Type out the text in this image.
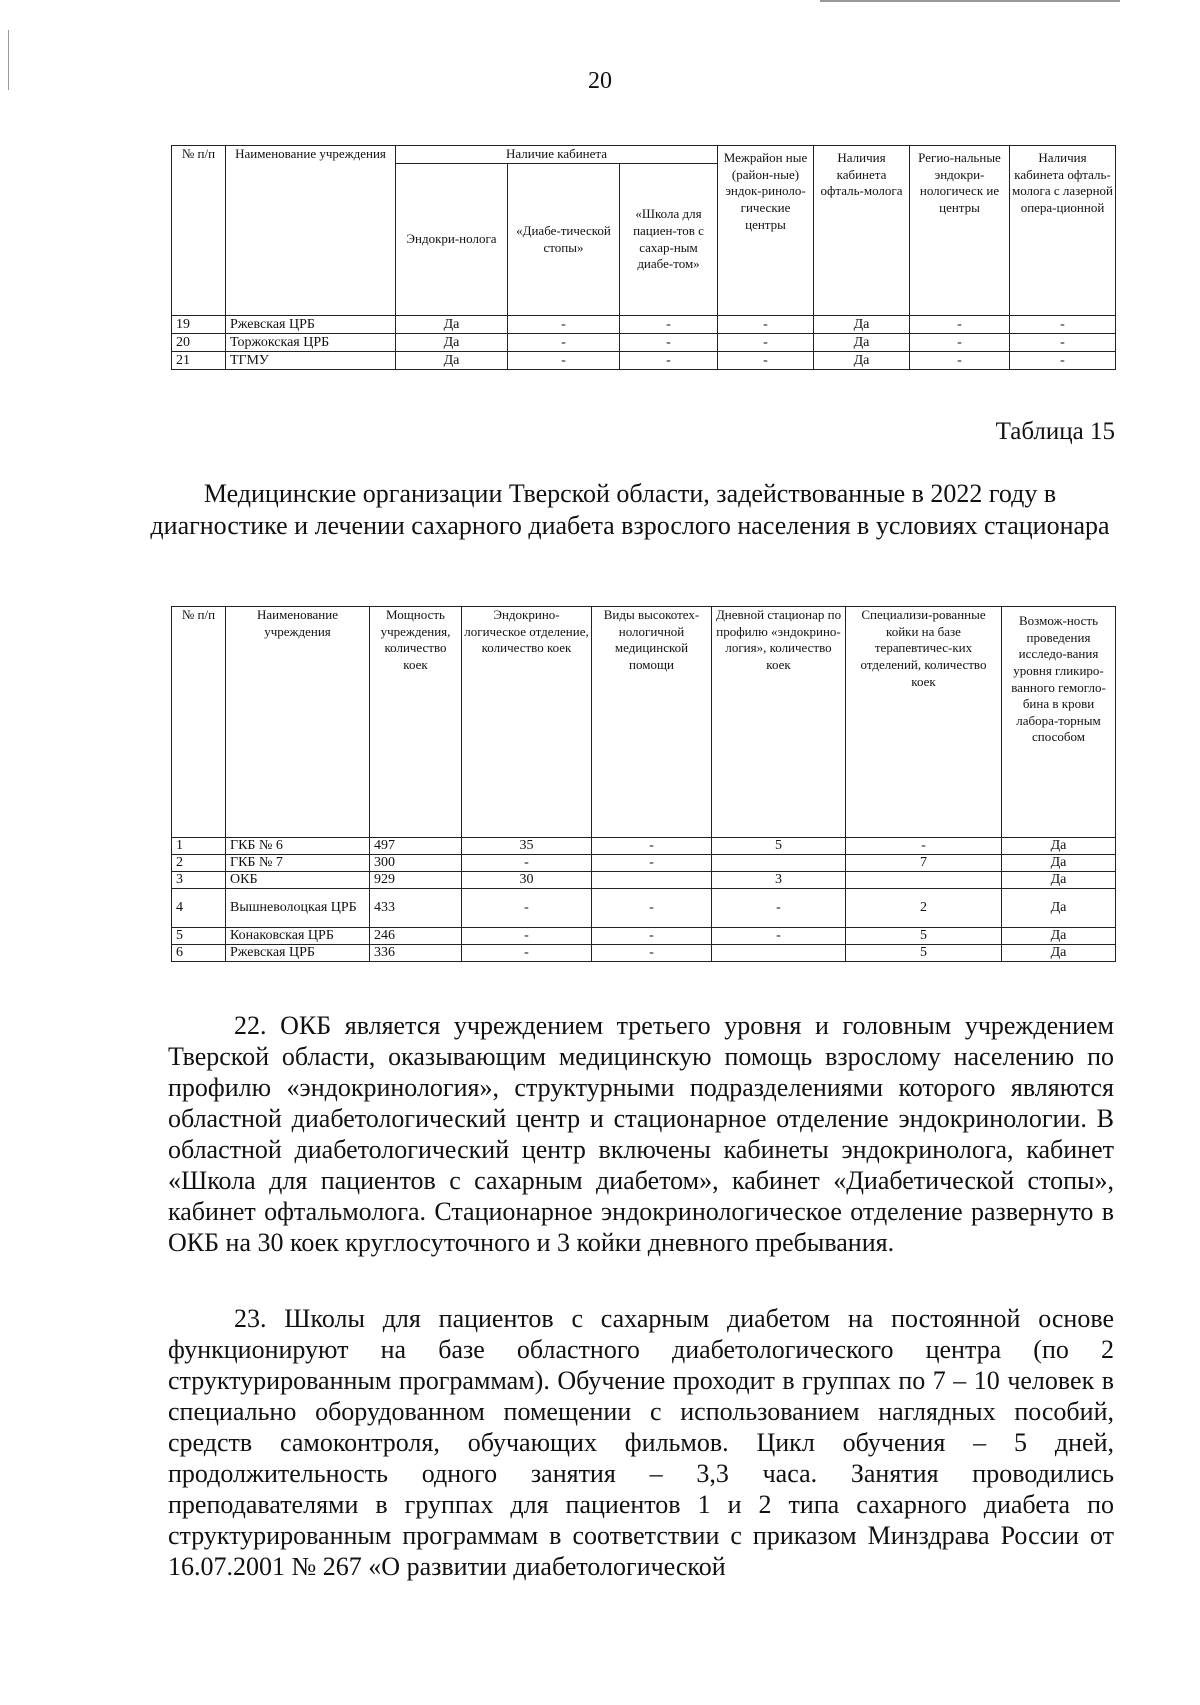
20
№ п/п	Наименование учреждения	Наличие кабинета			Межрайон ные (район-ные) эндок-риноло-гические центры	Наличия кабинета офталь-молога	Регио-нальные эндокри-нологическ ие центры	Наличия кабинета офталь-молога с лазерной опера-ционной
		Эндокри-нолога	«Диабе-тической стопы»	«Школа для пациен-тов с сахар-ным диабе-том»				
19	Ржевская ЦРБ	Да	-	-	-	Да	-	-
20	Торжокская ЦРБ	Да	-	-	-	Да	-	-
21	ТГМУ	Да	-	-	-	Да	-	-
Таблица 15
Медицинские организации Тверской области, задействованные в 2022 году в диагностике и лечении сахарного диабета взрослого населения в условиях стационара
№ п/п	Наименование учреждения	Мощность учреждения, количество коек	Эндокрино-логическое отделение, количество коек	Виды высокотех-нологичной медицинской помощи	Дневной стационар по профилю «эндокрино-логия», количество коек	Специализи-рованные койки на базе терапевтичес-ких отделений, количество коек	Возмож-ность проведения исследо-вания уровня гликиро-ванного гемогло-бина в крови лабора-торным способом
1	ГКБ № 6	497	35	-	5	-	Да
2	ГКБ № 7	300	-	-		7	Да
3	ОКБ	929	30		3		Да
4	Вышневолоцкая ЦРБ	433	-	-	-	2	Да
5	Конаковская ЦРБ	246	-	-	-	5	Да
6	Ржевская ЦРБ	336	-	-		5	Да

22. ОКБ является учреждением третьего уровня и головным учреждением Тверской области, оказывающим медицинскую помощь взрослому населению по профилю «эндокринология», структурными подразделениями которого являются областной диабетологический центр и стационарное отделение эндокринологии. В областной диабетологический центр включены кабинеты эндокринолога, кабинет «Школа для пациентов с сахарным диабетом», кабинет «Диабетической стопы», кабинет офтальмолога. Стационарное эндокринологическое отделение развернуто в ОКБ на 30 коек круглосуточного и 3 койки дневного пребывания.

23. Школы для пациентов с сахарным диабетом на постоянной основе функционируют на базе областного диабетологического центра (по 2 структурированным программам). Обучение проходит в группах по 7 – 10 человек в специально оборудованном помещении с использованием наглядных пособий, средств самоконтроля, обучающих фильмов. Цикл обучения – 5 дней, продолжительность одного занятия – 3,3 часа. Занятия проводились преподавателями в группах для пациентов 1 и 2 типа сахарного диабета по структурированным программам в соответствии с приказом Минздрава России от 16.07.2001 № 267 «О развитии диабетологической
